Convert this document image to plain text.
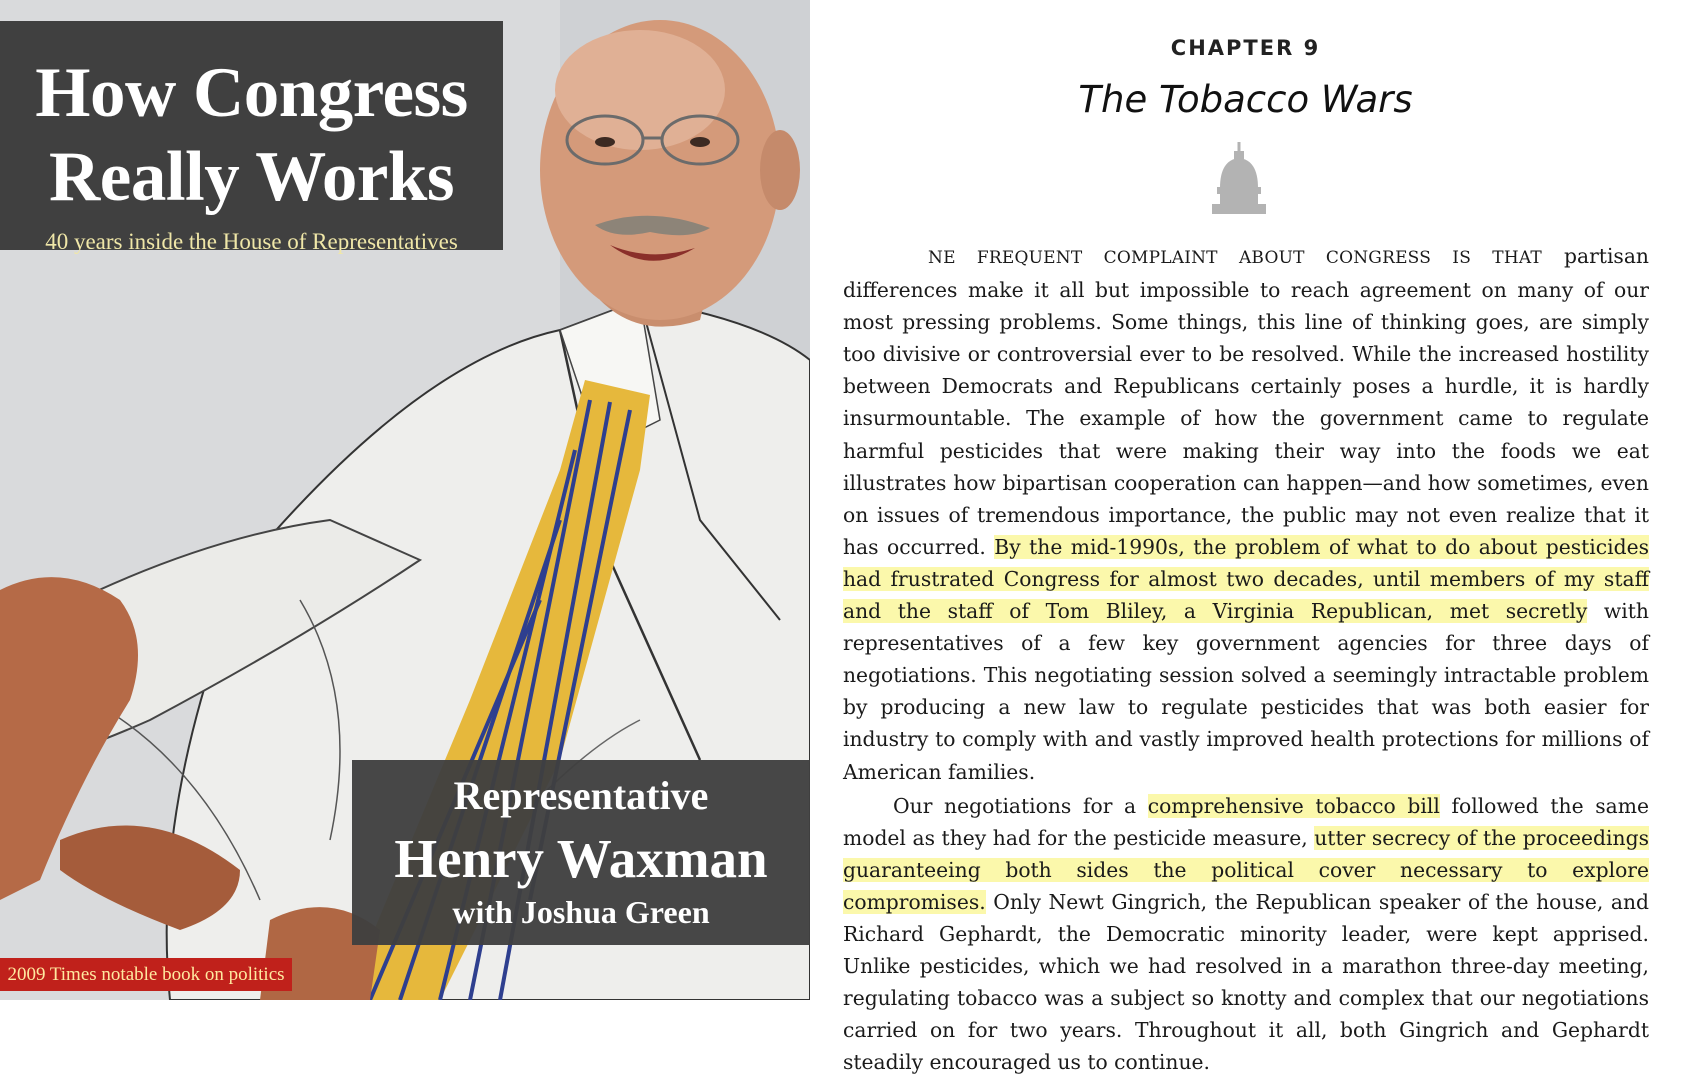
How Congress
Really Works
40 years inside the House of Representatives
Representative
Henry Waxman
with Joshua Green
2009 Times notable book on politics
CHAPTER 9
The Tobacco Wars

NE FREQUENT COMPLAINT ABOUT CONGRESS IS THAT partisan differences make it all but impossible to reach agreement on many of our most pressing problems. Some things, this line of thinking goes, are simply too divisive or controversial ever to be resolved. While the increased hostility between Democrats and Republicans certainly poses a hurdle, it is hardly insurmountable. The example of how the government came to regulate harmful pesticides that were making their way into the foods we eat illustrates how bipartisan cooperation can happen—and how sometimes, even on issues of tremendous importance, the public may not even realize that it has occurred. By the mid-1990s, the problem of what to do about pesticides had frustrated Congress for almost two decades, until members of my staff and the staff of Tom Bliley, a Virginia Republican, met secretly with representatives of a few key government agencies for three days of negotiations. This negotiating session solved a seemingly intractable problem by producing a new law to regulate pesticides that was both easier for industry to comply with and vastly improved health protections for millions of American families.

Our negotiations for a comprehensive tobacco bill followed the same model as they had for the pesticide measure, utter secrecy of the proceedings guaranteeing both sides the political cover necessary to explore compromises. Only Newt Gingrich, the Republican speaker of the house, and Richard Gephardt, the Democratic minority leader, were kept apprised. Unlike pesticides, which we had resolved in a marathon three-day meeting, regulating tobacco was a subject so knotty and complex that our negotiations carried on for two years. Throughout it all, both Gingrich and Gephardt steadily encouraged us to continue.
